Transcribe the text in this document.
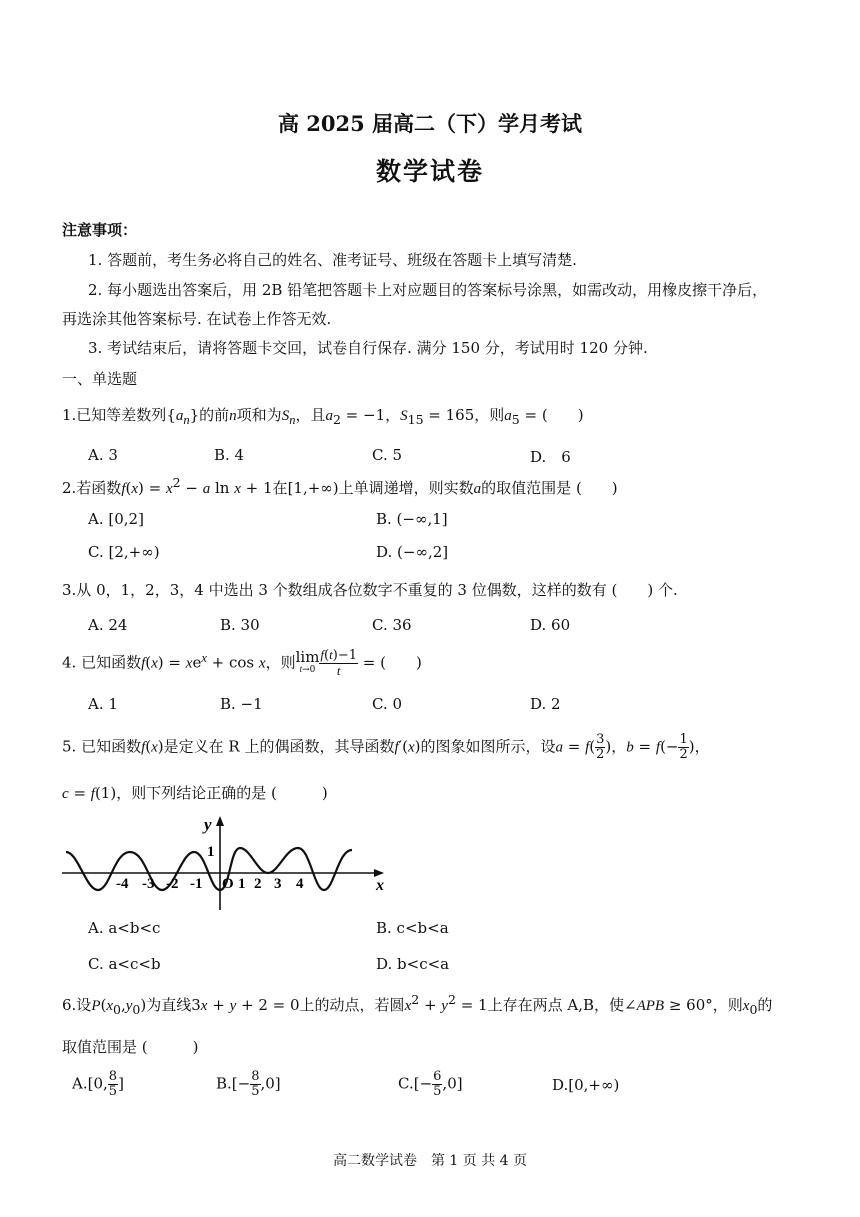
高 2025 届高二（下）学月考试
数学试卷
注意事项：
1. 答题前，考生务必将自己的姓名、准考证号、班级在答题卡上填写清楚.
2. 每小题选出答案后，用 2B 铅笔把答题卡上对应题目的答案标号涂黑，如需改动，用橡皮擦干净后，
再选涂其他答案标号. 在试卷上作答无效.
3. 考试结束后，请将答题卡交回，试卷自行保存. 满分 150 分，考试用时 120 分钟.
一、单选题
1.已知等差数列$\{a_n\}$的前n项和为$S_n$，且$a_2 = -1$，$S_{15} = 165$，则$a_5$ = (　　)
A. 3	B. 4	C. 5	D.　6
2.若函数$f(x) = x^2 - a$ ln x + 1在[1,+∞)上单调递增，则实数a的取值范围是 (　　)
A. [0,2]	B. (−∞,1]
C. [2,+∞)	D. (−∞,2]
3.从 0，1，2，3，4 中选出 3 个数组成各位数字不重复的 3 位偶数，这样的数有 (　　) 个.
A. 24	B. 30	C. 36	D. 60
4. 已知函数$f(x) = xe^x + \cos x$，则lim
$t\to 0 \frac{f(t)-1}{t}$ = (　　)
A. 1	B. −1	C. 0	D. 2
5. 已知函数f(x)是定义在 R 上的偶函数，其导函数f′(x)的图象如图所示，设$a = f( \frac{3}{2}$ )，$b = f(- \frac{1}{2}$ )，
c = f(1)，则下列结论正确的是 (　　　)
y
x
1
O
-4 -3 -2 -1 1 2 3 4
A. a<b<c	B. c<b<a
C. a<c<b	D. b<c<a
6.设$P(x_0,y_0)$为直线3x + y + 2 = 0上的动点，若圆$x^2 + y^2 = 1$上存在两点 A,B，使∠APB ≥ 60°，则$x_0$的
取值范围是 (　　　)
A.[0, $\frac{8}{5}$ ]	$B.[- \frac{8}{5} ,0]$	$C.[- \frac{6}{5} ,0]$	D.[0,+∞)
高二数学试卷　第 1 页 共 4 页
